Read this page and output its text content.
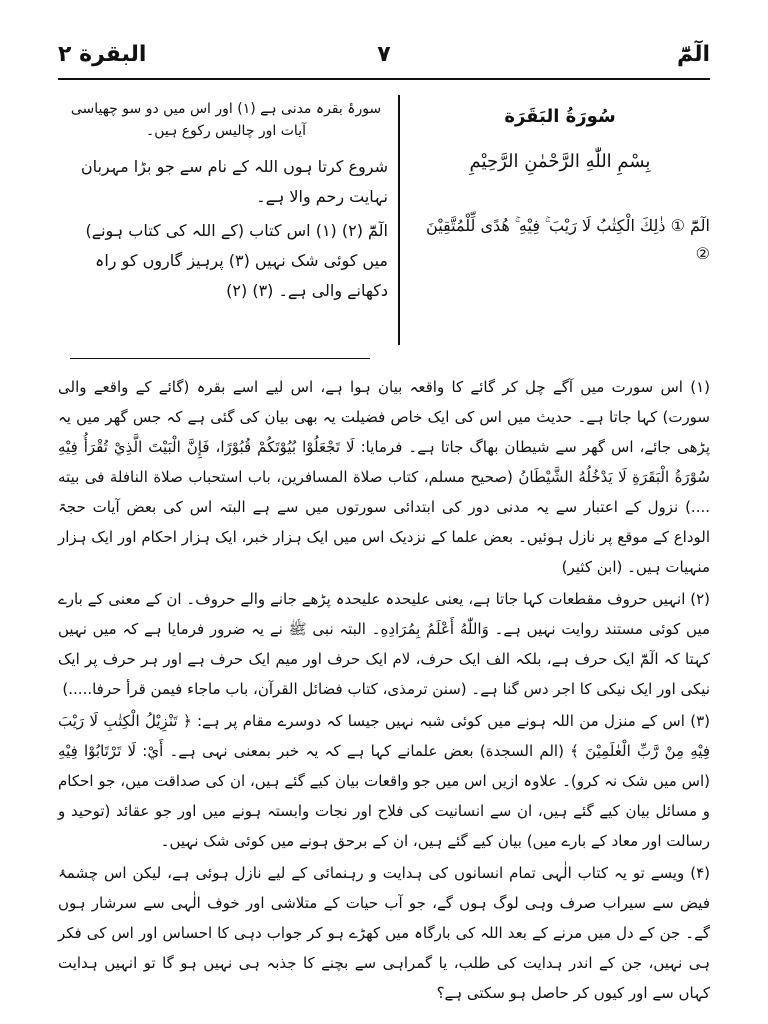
البقرة ۲	۷	الٓمّٓ
سورۂ بقرہ مدنی ہے (۱) اور اس میں دو سو چھیاسی آیات اور چالیس رکوع ہیں۔

شروع کرتا ہوں اللہ کے نام سے جو بڑا مہربان نہایت رحم والا ہے۔

الٓمّٓ (۲) (۱) اس کتاب (کے اللہ کی کتاب ہونے) میں کوئی شک نہیں (۳) پرہیز گاروں کو راہ دکھانے والی ہے۔ (۳) (۲)

سُورَةُ البَقَرَة
بِسْمِ اللّٰهِ الرَّحْمٰنِ الرَّحِيْمِ
الٓمّٓ ① ذٰلِكَ الْكِتٰبُ لَا رَيْبَ ۚ فِيْهِ ۚ هُدًى لِّلْمُتَّقِيْنَ ②

(۱) اس سورت میں آگے چل کر گائے کا واقعہ بیان ہوا ہے، اس لیے اسے بقرہ (گائے کے واقعے والی سورت) کہا جاتا ہے۔ حدیث میں اس کی ایک خاص فضیلت یہ بھی بیان کی گئی ہے کہ جس گھر میں یہ پڑھی جائے، اس گھر سے شیطان بھاگ جاتا ہے۔ فرمایا: لَا تَجْعَلُوْا بُيُوْتَكُمْ قُبُوْرًا، فَإِنَّ الْبَيْتَ الَّذِيْ تُقْرَأُ فِيْهِ سُوْرَةُ الْبَقَرَةِ لَا يَدْخُلُهُ الشَّيْطَانُ (صحیح مسلم، کتاب صلاة المسافرین، باب استحباب صلاة النافلة فی بیته ....) نزول کے اعتبار سے یہ مدنی دور کی ابتدائی سورتوں میں سے ہے البتہ اس کی بعض آیات حجۃ الوداع کے موقع پر نازل ہوئیں۔ بعض علما کے نزدیک اس میں ایک ہزار خبر، ایک ہزار احکام اور ایک ہزار منہیات ہیں۔ (ابن کثیر)

(۲) انہیں حروف مقطعات کہا جاتا ہے، یعنی علیحدہ علیحدہ پڑھے جانے والے حروف۔ ان کے معنی کے بارے میں کوئی مستند روایت نہیں ہے۔ وَاللّٰهُ أَعْلَمُ بِمُرَادِهِ۔ البتہ نبی ﷺ نے یہ ضرور فرمایا ہے کہ میں نہیں کہتا کہ الٓمّٓ ایک حرف ہے، بلکہ الف ایک حرف، لام ایک حرف اور میم ایک حرف ہے اور ہر حرف پر ایک نیکی اور ایک نیکی کا اجر دس گنا ہے۔ (سنن ترمذی، کتاب فضائل القرآن، باب ماجاء فیمن قرأ حرفا.....)

(۳) اس کے منزل من اللہ ہونے میں کوئی شبہ نہیں جیسا کہ دوسرے مقام پر ہے: ﴿ تَنْزِيْلُ الْكِتٰبِ لَا رَيْبَ فِيْهِ مِنْ رَّبِّ الْعٰلَمِيْنَ ﴾ (الم السجدة) بعض علمانے کہا ہے کہ یہ خبر بمعنی نہی ہے۔ أَيْ: لَا تَرْتَابُوْا فِيْهِ (اس میں شک نہ کرو)۔ علاوہ ازیں اس میں جو واقعات بیان کیے گئے ہیں، ان کی صداقت میں، جو احکام و مسائل بیان کیے گئے ہیں، ان سے انسانیت کی فلاح اور نجات وابستہ ہونے میں اور جو عقائد (توحید و رسالت اور معاد کے بارے میں) بیان کیے گئے ہیں، ان کے برحق ہونے میں کوئی شک نہیں۔

(۴) ویسے تو یہ کتاب الٰہی تمام انسانوں کی ہدایت و رہنمائی کے لیے نازل ہوئی ہے، لیکن اس چشمۂ فیض سے سیراب صرف وہی لوگ ہوں گے، جو آب حیات کے متلاشی اور خوف الٰہی سے سرشار ہوں گے۔ جن کے دل میں مرنے کے بعد اللہ کی بارگاہ میں کھڑے ہو کر جواب دہی کا احساس اور اس کی فکر ہی نہیں، جن کے اندر ہدایت کی طلب، یا گمراہی سے بچنے کا جذبہ ہی نہیں ہو گا تو انہیں ہدایت کہاں سے اور کیوں کر حاصل ہو سکتی ہے؟
